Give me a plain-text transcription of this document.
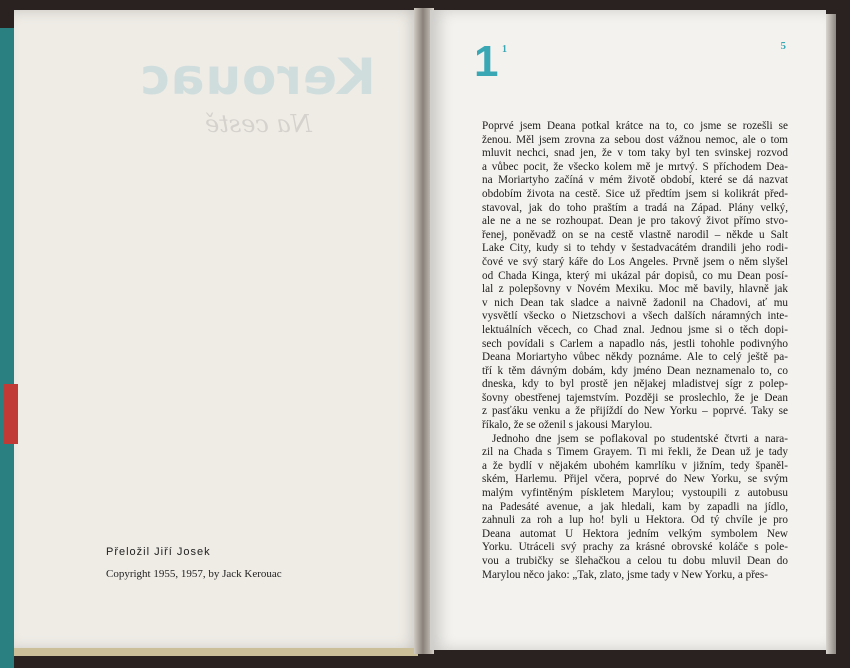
Kerouac
Na cestě
Přeložil Jiří Josek
Copyright 1955, 1957, by Jack Kerouac
1 1	5
Poprvé jsem Deana potkal krátce na to, co jsme se rozešli se
ženou. Měl jsem zrovna za sebou dost vážnou nemoc, ale o tom
mluvit nechci, snad jen, že v tom taky byl ten svinskej rozvod
a vůbec pocit, že všecko kolem mě je mrtvý. S příchodem Dea-
na Moriartyho začíná v mém životě období, které se dá nazvat
obdobím života na cestě. Sice už předtím jsem si kolikrát před-
stavoval, jak do toho praštím a tradá na Západ. Plány velký,
ale ne a ne se rozhoupat. Dean je pro takový život přímo stvo-
řenej, poněvadž on se na cestě vlastně narodil – někde u Salt
Lake City, kudy si to tehdy v šestadvacátém drandili jeho rodi-
čové ve svý starý káře do Los Angeles. Prvně jsem o něm slyšel
od Chada Kinga, který mi ukázal pár dopisů, co mu Dean posí-
lal z polepšovny v Novém Mexiku. Moc mě bavily, hlavně jak
v nich Dean tak sladce a naivně žadonil na Chadovi, ať mu
vysvětlí všecko o Nietzschovi a všech dalších náramných inte-
lektuálních věcech, co Chad znal. Jednou jsme si o těch dopi-
sech povídali s Carlem a napadlo nás, jestli tohohle podivnýho
Deana Moriartyho vůbec někdy poznáme. Ale to celý ještě pa-
tří k těm dávným dobám, kdy jméno Dean neznamenalo to, co
dneska, kdy to byl prostě jen nějakej mladistvej sígr z polep-
šovny obestřenej tajemstvím. Později se proslechlo, že je Dean
z pasťáku venku a že přijíždí do New Yorku – poprvé. Taky se
říkalo, že se oženil s jakousi Marylou.
Jednoho dne jsem se poflakoval po studentské čtvrti a nara-
zil na Chada s Timem Grayem. Ti mi řekli, že Dean už je tady
a že bydlí v nějakém ubohém kamrlíku v jižním, tedy španěl-
ském, Harlemu. Přijel včera, poprvé do New Yorku, se svým
malým vyfintěným pískletem Marylou; vystoupili z autobusu
na Padesáté avenue, a jak hledali, kam by zapadli na jídlo,
zahnuli za roh a lup ho! byli u Hektora. Od tý chvíle je pro
Deana automat U Hektora jedním velkým symbolem New
Yorku. Utráceli svý prachy za krásné obrovské koláče s pole-
vou a trubičky se šlehačkou a celou tu dobu mluvil Dean do
Marylou něco jako: „Tak, zlato, jsme tady v New Yorku, a přes-
